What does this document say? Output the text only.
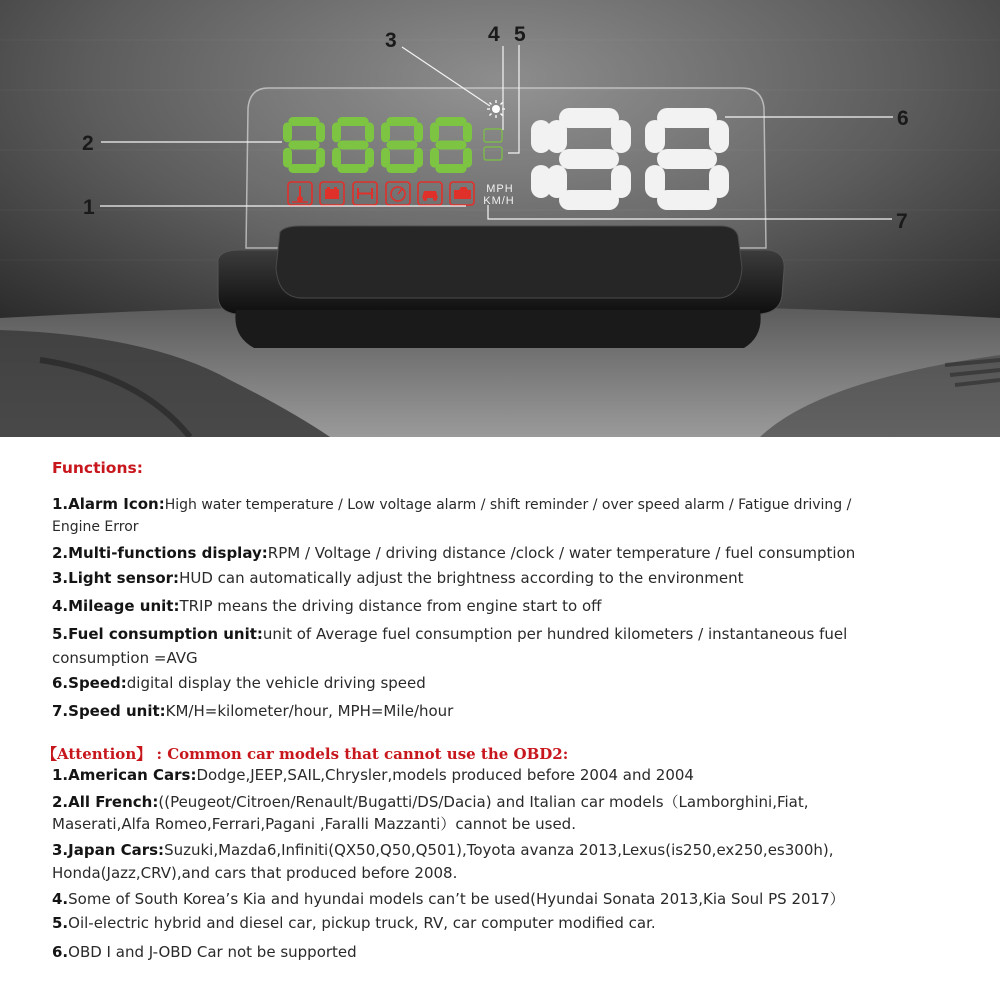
MPH
KM/H
1
2
3	4 5
6
7
Functions:
1.Alarm Icon:High water temperature / Low voltage alarm / shift reminder / over speed alarm / Fatigue driving /
Engine Error
2.Multi-functions display:RPM / Voltage / driving distance /clock / water temperature / fuel consumption
3.Light sensor:HUD can automatically adjust the brightness according to the environment
4.Mileage unit:TRIP means the driving distance from engine start to off
5.Fuel consumption unit:unit of Average fuel consumption per hundred kilometers / instantaneous fuel
consumption =AVG
6.Speed:digital display the vehicle driving speed
7.Speed unit:KM/H=kilometer/hour, MPH=Mile/hour
【Attention】 : Common car models that cannot use the OBD2:
1.American Cars:Dodge,JEEP,SAIL,Chrysler,models produced before 2004 and 2004
2.All French:((Peugeot/Citroen/Renault/Bugatti/DS/Dacia) and Italian car models（Lamborghini,Fiat,
Maserati,Alfa Romeo,Ferrari,Pagani ,Faralli Mazzanti）cannot be used.
3.Japan Cars:Suzuki,Mazda6,Infiniti(QX50,Q50,Q501),Toyota avanza 2013,Lexus(is250,ex250,es300h),
Honda(Jazz,CRV),and cars that produced before 2008.
4.Some of South Korea’s Kia and hyundai models can’t be used(Hyundai Sonata 2013,Kia Soul PS 2017）
5.Oil-electric hybrid and diesel car, pickup truck, RV, car computer modified car.
6.OBD I and J-OBD Car not be supported
